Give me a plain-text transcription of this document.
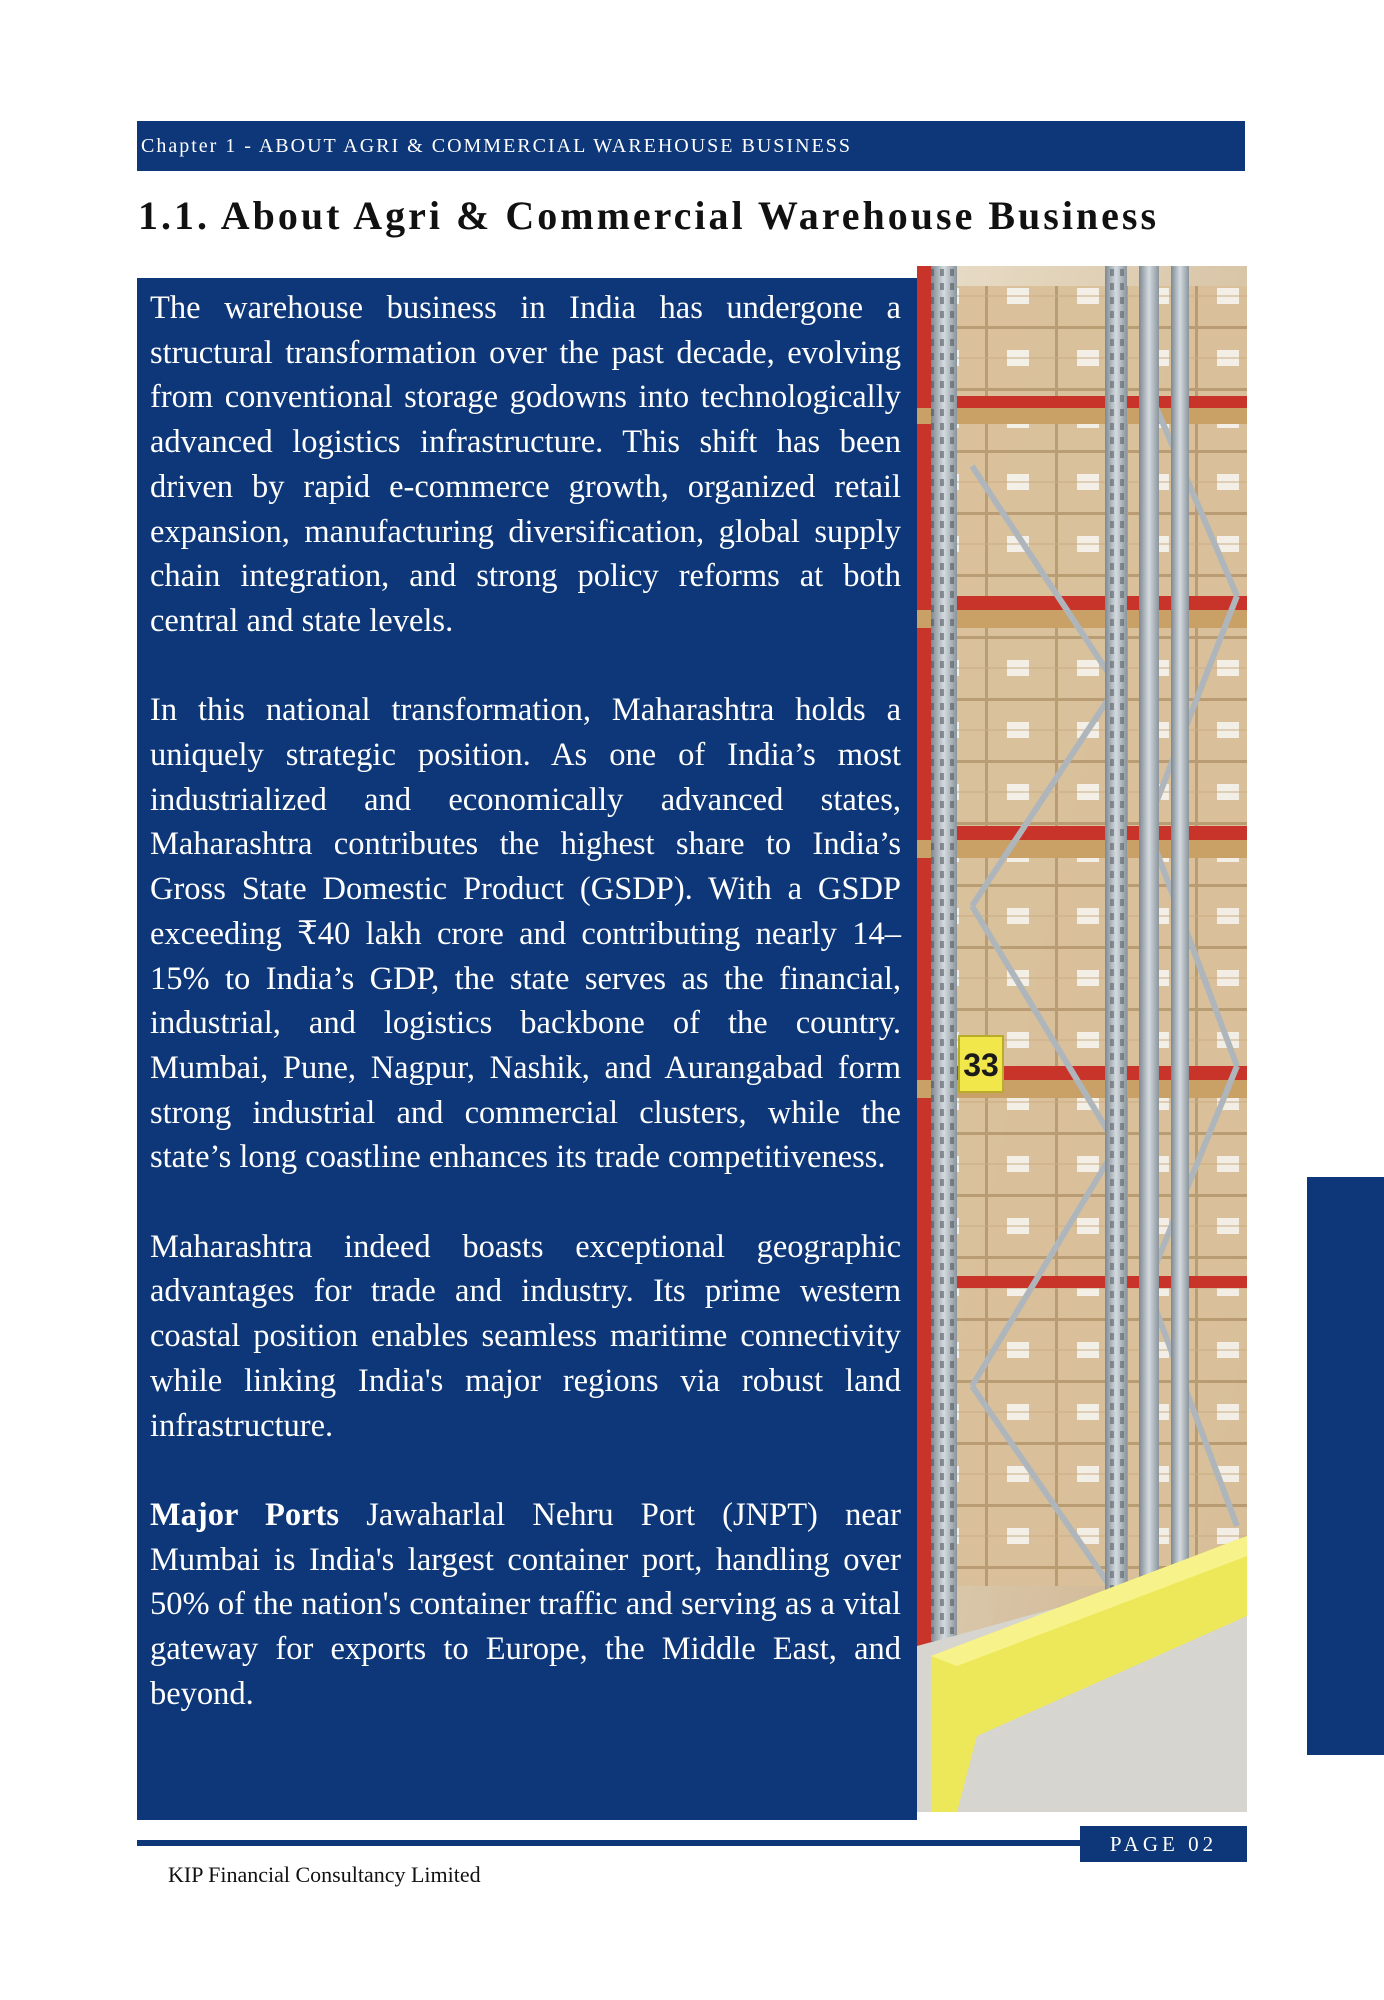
Chapter 1 - ABOUT AGRI & COMMERCIAL WAREHOUSE BUSINESS
1.1. About Agri & Commercial Warehouse Business

The warehouse business in India has undergone a structural transformation over the past decade, evolving from conventional storage godowns into technologically advanced logistics infrastructure. This shift has been driven by rapid e-commerce growth, organized retail expansion, manufacturing diversification, global supply chain integration, and strong policy reforms at both central and state levels.

In this national transformation, Maharashtra holds a uniquely strategic position. As one of India’s most industrialized and economically advanced states, Maharashtra contributes the highest share to India’s Gross State Domestic Product (GSDP). With a GSDP exceeding ₹40 lakh crore and contributing nearly 14–15% to India’s GDP, the state serves as the financial, industrial, and logistics backbone of the country. Mumbai, Pune, Nagpur, Nashik, and Aurangabad form strong industrial and commercial clusters, while the state’s long coastline enhances its trade competitiveness.

Maharashtra indeed boasts exceptional geographic advantages for trade and industry. Its prime western coastal position enables seamless maritime connectivity while linking India's major regions via robust land infrastructure.

Major Ports Jawaharlal Nehru Port (JNPT) near Mumbai is India's largest container port, handling over 50% of the nation's container traffic and serving as a vital gateway for exports to Europe, the Middle East, and beyond.

33
PAGE 02
KIP Financial Consultancy Limited
